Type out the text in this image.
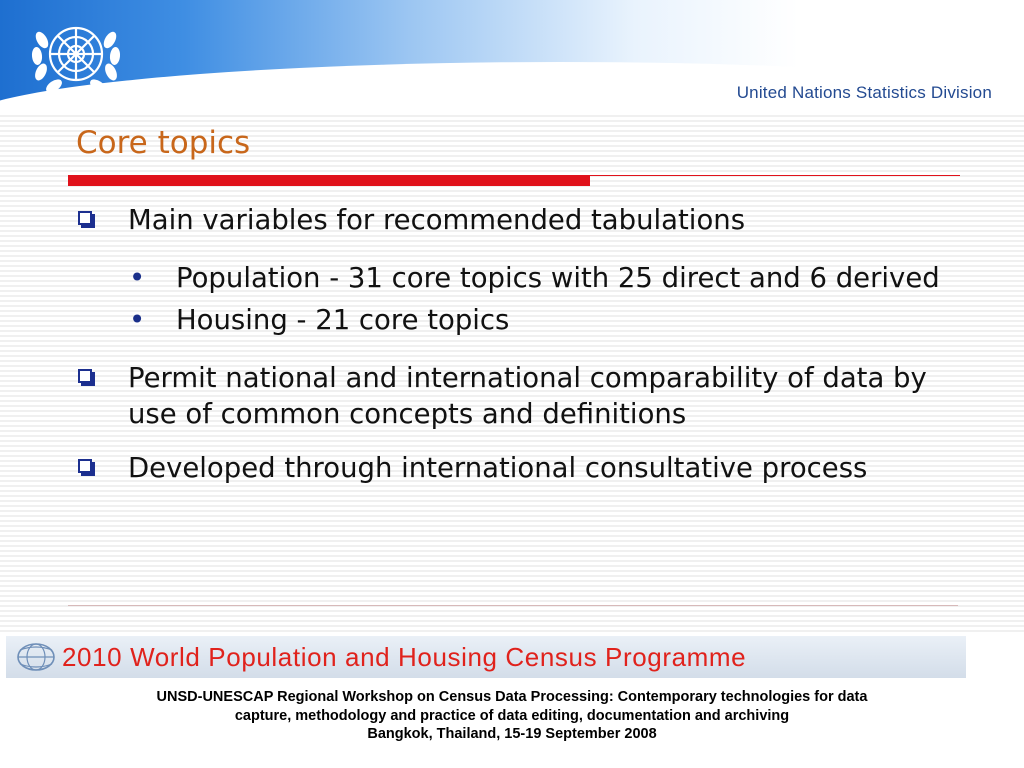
United Nations Statistics Division
Core topics
Main variables for recommended tabulations
• Population - 31 core topics with 25 direct and 6 derived
• Housing - 21 core topics
Permit national and international comparability of data by use of common concepts and definitions
Developed through international consultative process
2010 World Population and Housing Census Programme
UNSD-UNESCAP Regional Workshop on Census Data Processing: Contemporary technologies for data
capture, methodology and practice of data editing, documentation and archiving
Bangkok, Thailand, 15-19 September 2008
